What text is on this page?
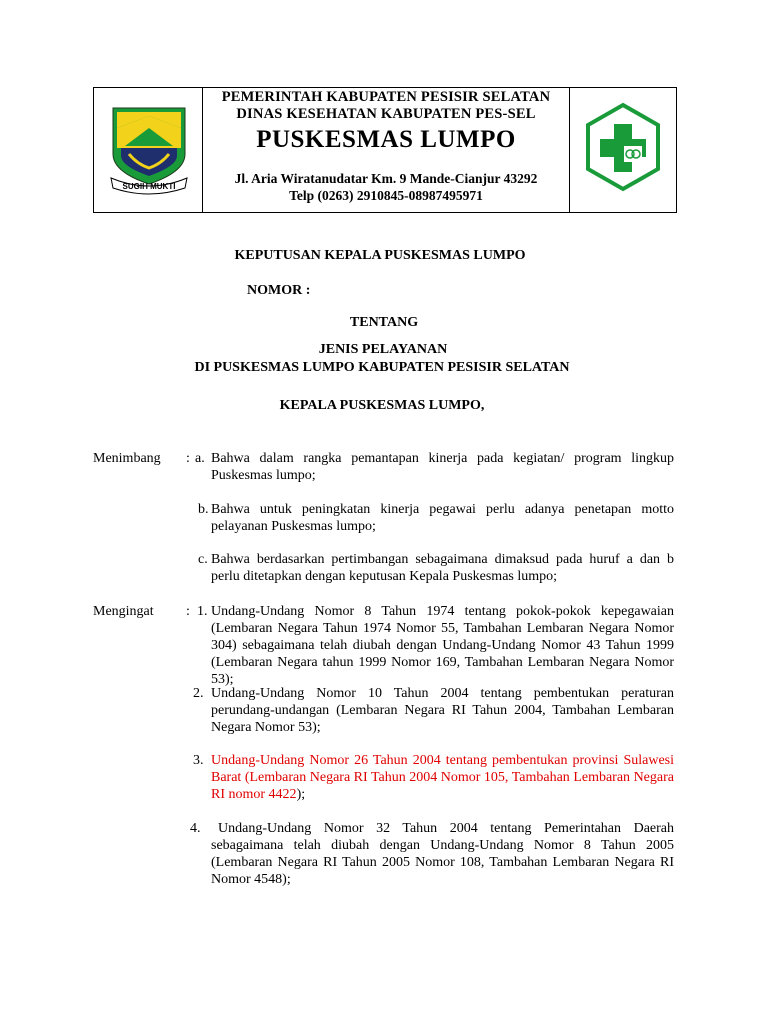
SUGIH MUKTI
PEMERINTAH KABUPATEN PESISIR SELATAN
DINAS KESEHATAN KABUPATEN PES-SEL
PUSKESMAS LUMPO
Jl. Aria Wiratanudatar Km. 9 Mande-Cianjur 43292
Telp (0263) 2910845-08987495971
KEPUTUSAN KEPALA PUSKESMAS LUMPO
NOMOR :
TENTANG
JENIS PELAYANAN
DI PUSKESMAS LUMPO KABUPATEN PESISIR SELATAN
KEPALA PUSKESMAS LUMPO,
Menimbang : a. Bahwa dalam rangka pemantapan kinerja pada kegiatan/ program lingkup Puskesmas lumpo;
b. Bahwa untuk peningkatan kinerja pegawai perlu adanya penetapan motto pelayanan Puskesmas lumpo;
c. Bahwa berdasarkan pertimbangan sebagaimana dimaksud pada huruf a dan b perlu ditetapkan dengan keputusan Kepala Puskesmas lumpo;
Mengingat : 1. Undang-Undang Nomor 8 Tahun 1974 tentang pokok-pokok kepegawaian (Lembaran Negara Tahun 1974 Nomor 55, Tambahan Lembaran Negara Nomor 304) sebagaimana telah diubah dengan Undang-Undang Nomor 43 Tahun 1999 (Lembaran Negara tahun 1999 Nomor 169, Tambahan Lembaran Negara Nomor 53);
2. Undang-Undang Nomor 10 Tahun 2004 tentang pembentukan peraturan perundang-undangan (Lembaran Negara RI Tahun 2004, Tambahan Lembaran Negara Nomor 53);
3. Undang-Undang Nomor 26 Tahun 2004 tentang pembentukan provinsi Sulawesi Barat (Lembaran Negara RI Tahun 2004 Nomor 105, Tambahan Lembaran Negara RI nomor 4422);
4.	Undang-Undang Nomor 32 Tahun 2004 tentang Pemerintahan Daerah sebagaimana telah diubah dengan Undang-Undang Nomor 8 Tahun 2005 (Lembaran Negara RI Tahun 2005 Nomor 108, Tambahan Lembaran Negara RI Nomor 4548);
